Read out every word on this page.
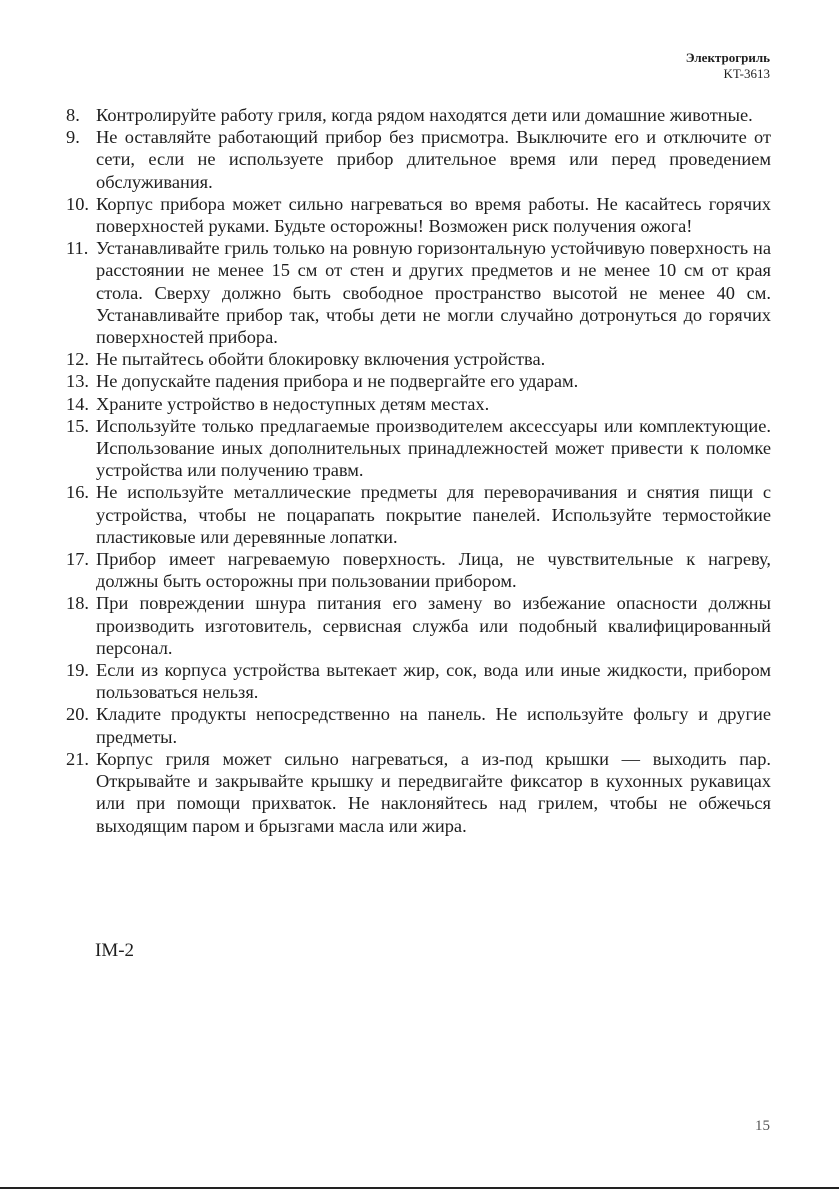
Электрогриль
KT-3613
8. Контролируйте работу гриля, когда рядом находятся дети или домашние животные.
9. Не оставляйте работающий прибор без присмотра. Выключите его и отключите от сети, если не используете прибор длительное время или перед проведением обслуживания.
10. Корпус прибора может сильно нагреваться во время работы. Не касайтесь горячих поверхностей руками. Будьте осторожны! Возможен риск получения ожога!
11. Устанавливайте гриль только на ровную горизонтальную устойчивую поверхность на расстоянии не менее 15 см от стен и других предметов и не менее 10 см от края стола. Сверху должно быть свободное пространство высотой не менее 40 см. Устанавливайте прибор так, чтобы дети не могли случайно дотронуться до горячих поверхностей прибора.
12. Не пытайтесь обойти блокировку включения устройства.
13. Не допускайте падения прибора и не подвергайте его ударам.
14. Храните устройство в недоступных детям местах.
15. Используйте только предлагаемые производителем аксессуары или комплектующие. Использование иных дополнительных принадлежностей может привести к поломке устройства или получению травм.
16. Не используйте металлические предметы для переворачивания и снятия пищи с устройства, чтобы не поцарапать покрытие панелей. Используйте термостойкие пластиковые или деревянные лопатки.
17. Прибор имеет нагреваемую поверхность. Лица, не чувствительные к нагреву, должны быть осторожны при пользовании прибором.
18. При повреждении шнура питания его замену во избежание опасности должны производить изготовитель, сервисная служба или подобный квалифицированный персонал.
19. Если из корпуса устройства вытекает жир, сок, вода или иные жидкости, прибором пользоваться нельзя.
20. Кладите продукты непосредственно на панель. Не используйте фольгу и другие предметы.
21. Корпус гриля может сильно нагреваться, а из-под крышки — выходить пар. Открывайте и закрывайте крышку и передвигайте фиксатор в кухонных рукавицах или при помощи прихваток. Не наклоняйтесь над грилем, чтобы не обжечься выходящим паром и брызгами масла или жира.
IM-2
15
